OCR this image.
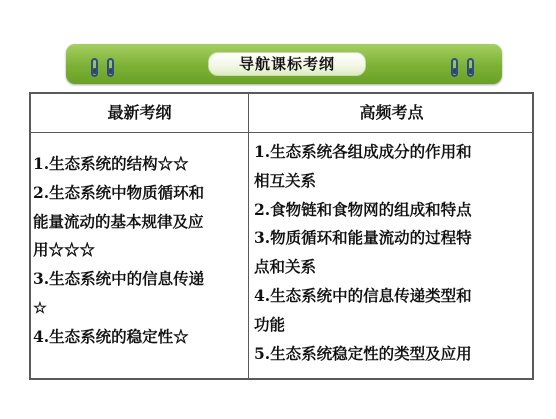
导航课标考纲
最新考纲	高频考点
1.生态系统的结构☆☆
2.生态系统中物质循环和
能量流动的基本规律及应
用☆☆☆
3.生态系统中的信息传递
☆
4.生态系统的稳定性☆
1.生态系统各组成成分的作用和
相互关系
2.食物链和食物网的组成和特点
3.物质循环和能量流动的过程特
点和关系
4.生态系统中的信息传递类型和
功能
5.生态系统稳定性的类型及应用
